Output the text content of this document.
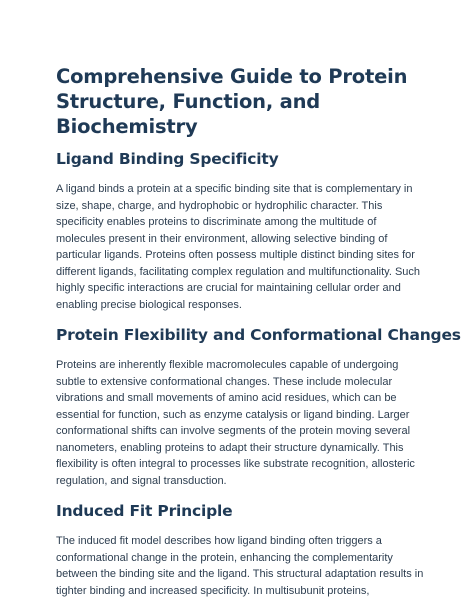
Comprehensive Guide to Protein Structure, Function, and Biochemistry
Ligand Binding Specificity

A ligand binds a protein at a specific binding site that is complementary in size, shape, charge, and hydrophobic or hydrophilic character. This specificity enables proteins to discriminate among the multitude of molecules present in their environment, allowing selective binding of particular ligands. Proteins often possess multiple distinct binding sites for different ligands, facilitating complex regulation and multifunctionality. Such highly specific interactions are crucial for maintaining cellular order and enabling precise biological responses.

Protein Flexibility and Conformational Changes

Proteins are inherently flexible macromolecules capable of undergoing subtle to extensive conformational changes. These include molecular vibrations and small movements of amino acid residues, which can be essential for function, such as enzyme catalysis or ligand binding. Larger conformational shifts can involve segments of the protein moving several nanometers, enabling proteins to adapt their structure dynamically. This flexibility is often integral to processes like substrate recognition, allosteric regulation, and signal transduction.

Induced Fit Principle

The induced fit model describes how ligand binding often triggers a conformational change in the protein, enhancing the complementarity between the binding site and the ligand. This structural adaptation results in tighter binding and increased specificity. In multisubunit proteins,
